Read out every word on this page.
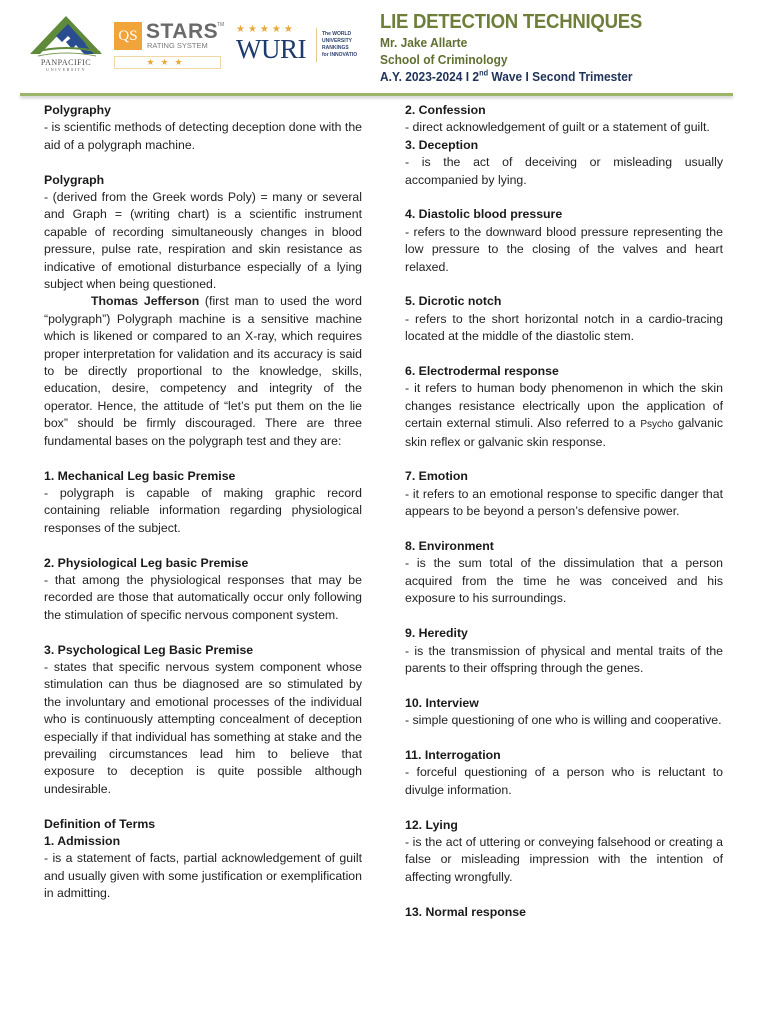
PANPACIFIC
UNIVERSITY
QS STARS
TM
RATING SYSTEM
★★★
★★★★★
WURI	The WORLD
UNIVERSITY
RANKINGS
for INNOVATIO
LIE DETECTION TECHNIQUES
Mr. Jake Allarte
School of Criminology
A.Y. 2023-2024 I 2nd Wave I Second Trimester
Polygraphy
- is scientific methods of detecting deception done with the aid of a polygraph machine.
Polygraph
- (derived from the Greek words Poly) = many or several and Graph = (writing chart) is a scientific instrument capable of recording simultaneously changes in blood pressure, pulse rate, respiration and skin resistance as indicative of emotional disturbance especially of a lying subject when being questioned.
Thomas Jefferson (first man to used the word “polygraph”) Polygraph machine is a sensitive machine which is likened or compared to an X-ray, which requires proper interpretation for validation and its accuracy is said to be directly proportional to the knowledge, skills, education, desire, competency and integrity of the operator. Hence, the attitude of “let’s put them on the lie box” should be firmly discouraged. There are three fundamental bases on the polygraph test and they are:
1. Mechanical Leg basic Premise
- polygraph is capable of making graphic record containing reliable information regarding physiological responses of the subject.
2. Physiological Leg basic Premise
- that among the physiological responses that may be recorded are those that automatically occur only following the stimulation of specific nervous component system.
3. Psychological Leg Basic Premise
- states that specific nervous system component whose stimulation can thus be diagnosed are so stimulated by the involuntary and emotional processes of the individual who is continuously attempting concealment of deception especially if that individual has something at stake and the prevailing circumstances lead him to believe that exposure to deception is quite possible although undesirable.
Definition of Terms
1. Admission
- is a statement of facts, partial acknowledgement of guilt and usually given with some justification or exemplification in admitting.
2. Confession
- direct acknowledgement of guilt or a statement of guilt.
3. Deception
- is the act of deceiving or misleading usually accompanied by lying.
4. Diastolic blood pressure
- refers to the downward blood pressure representing the low pressure to the closing of the valves and heart relaxed.
5. Dicrotic notch
- refers to the short horizontal notch in a cardio-tracing located at the middle of the diastolic stem.
6. Electrodermal response
- it refers to human body phenomenon in which the skin changes resistance electrically upon the application of certain external stimuli. Also referred to a Psycho galvanic skin reflex or galvanic skin response.
7. Emotion
- it refers to an emotional response to specific danger that appears to be beyond a person’s defensive power.
8. Environment
- is the sum total of the dissimulation that a person acquired from the time he was conceived and his exposure to his surroundings.
9. Heredity
- is the transmission of physical and mental traits of the parents to their offspring through the genes.
10. Interview
- simple questioning of one who is willing and cooperative.
11. Interrogation
- forceful questioning of a person who is reluctant to divulge information.
12. Lying
- is the act of uttering or conveying falsehood or creating a false or misleading impression with the intention of affecting wrongfully.
13. Normal response
